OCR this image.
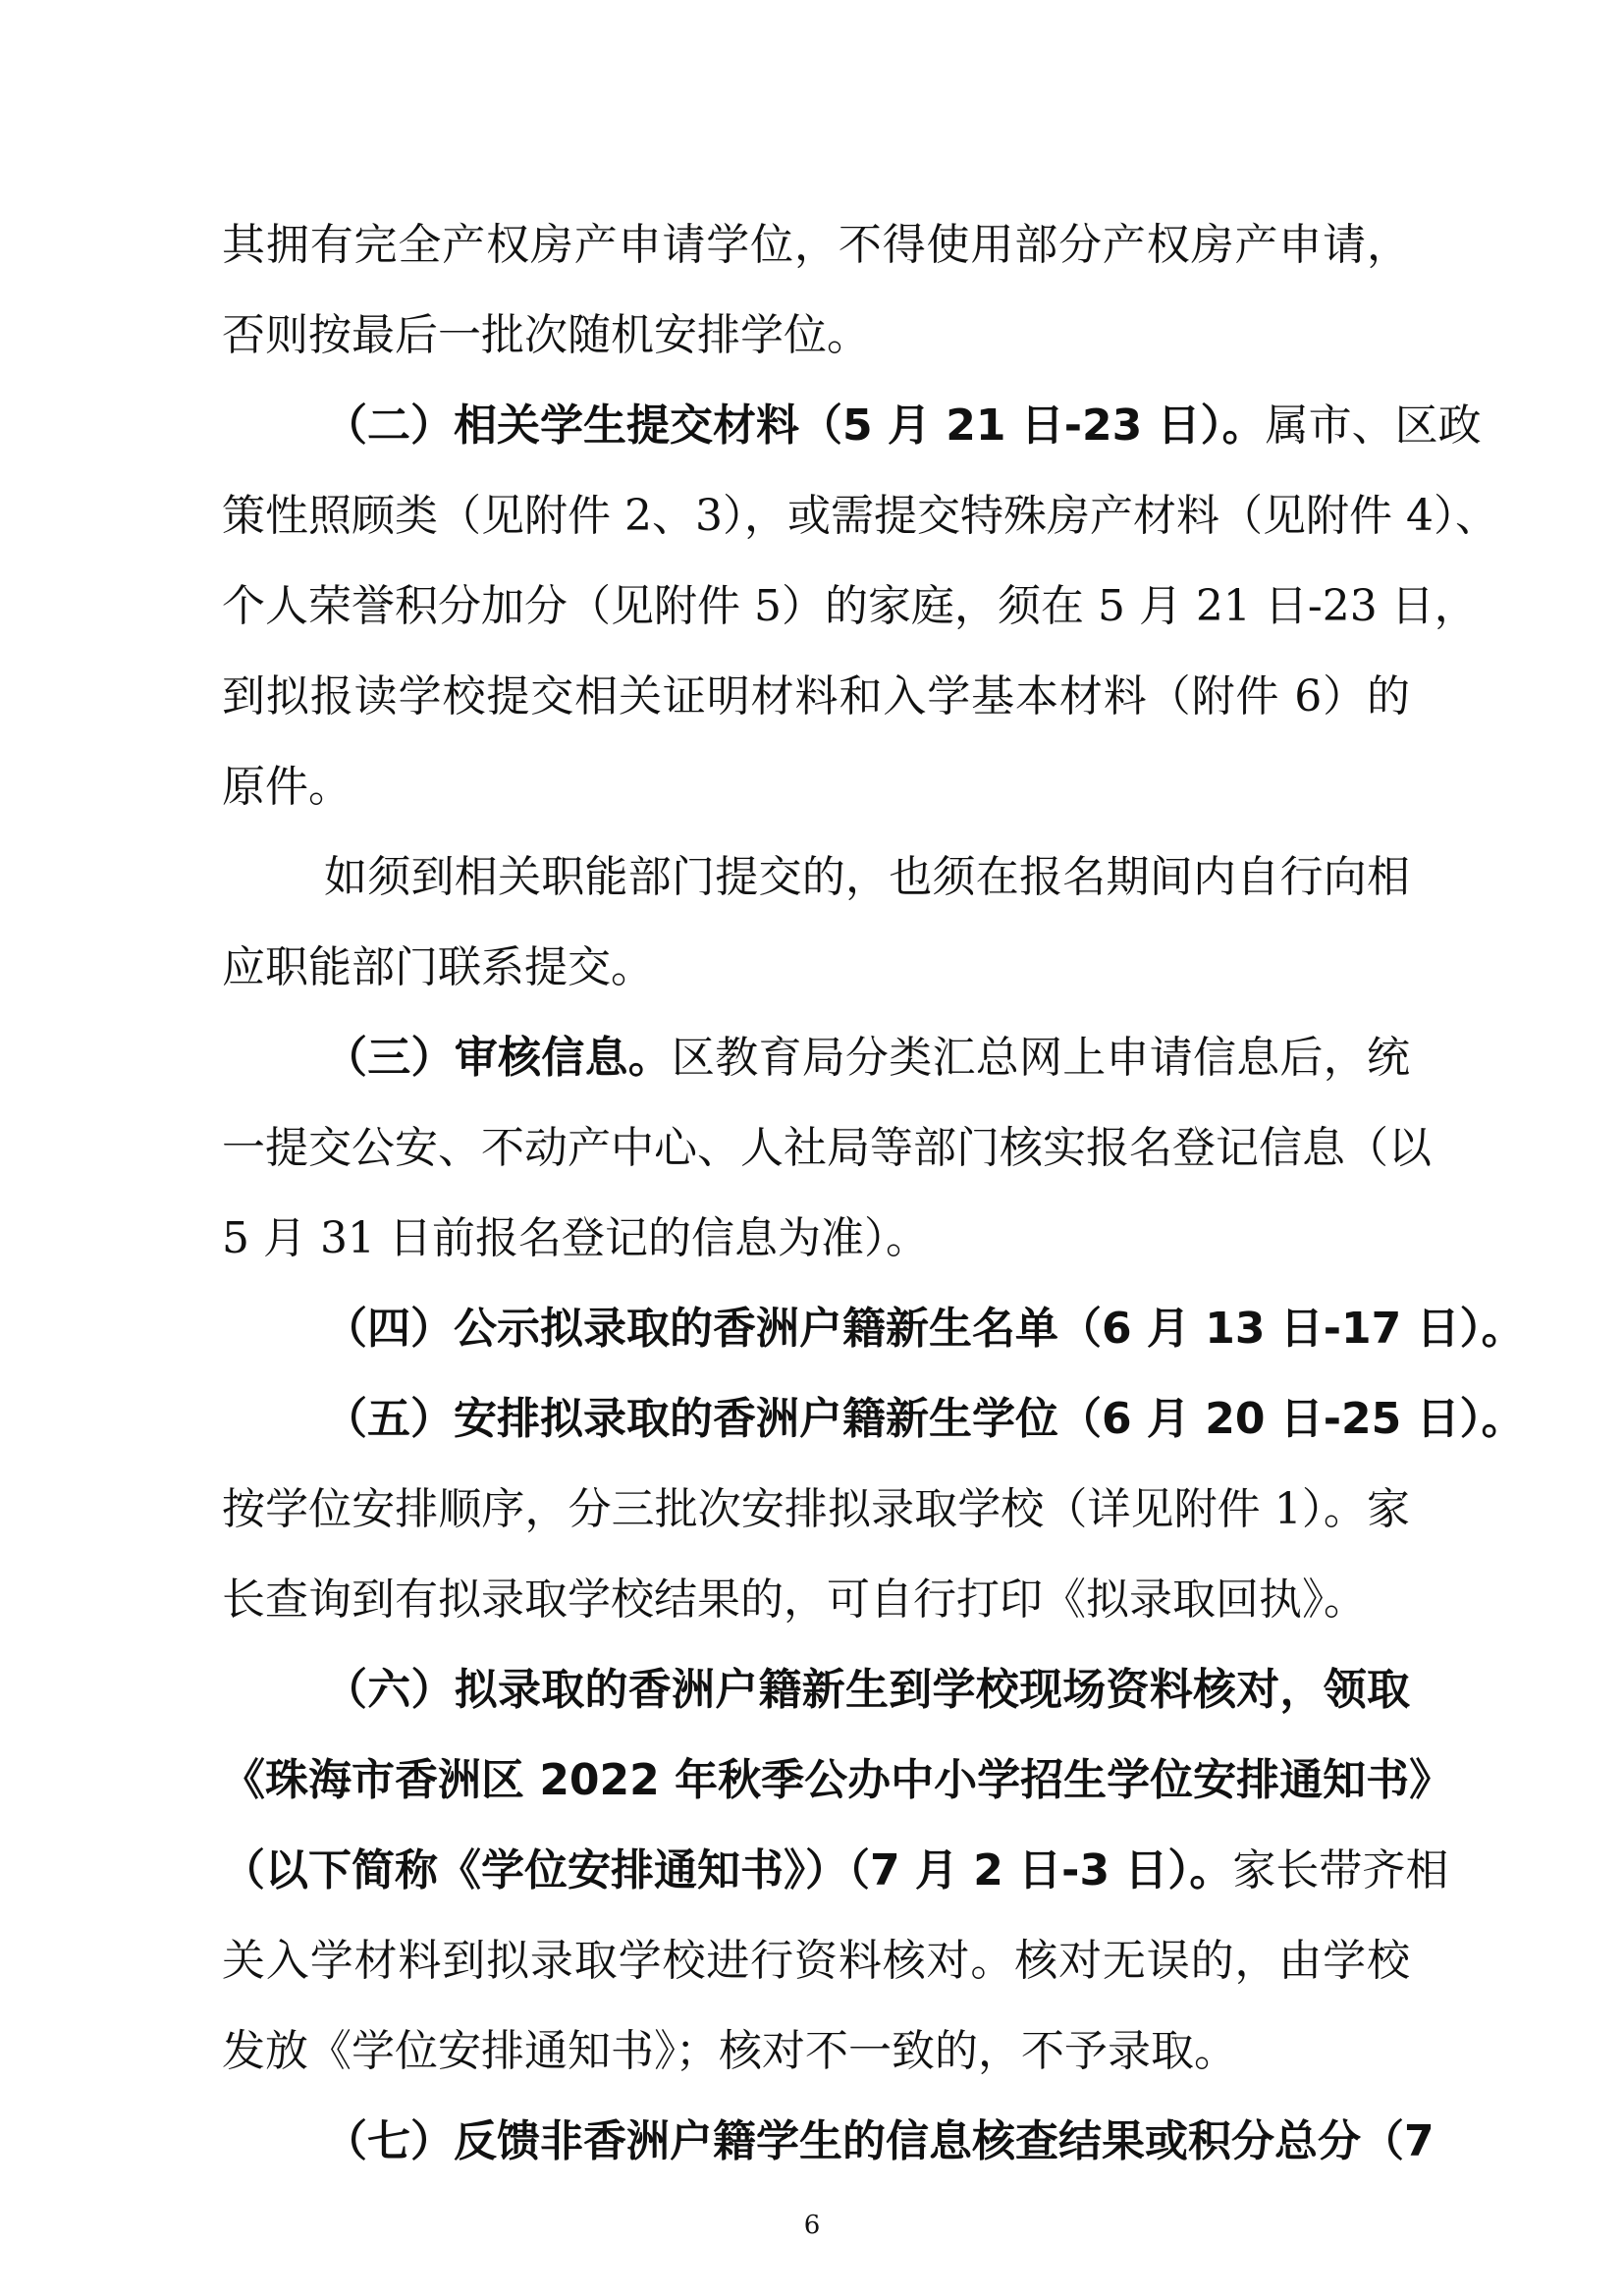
其拥有完全产权房产申请学位，不得使用部分产权房产申请，
否则按最后一批次随机安排学位。
（二）相关学生提交材料（5 月 21 日-23 日）。属市、区政
策性照顾类（见附件 2、3），或需提交特殊房产材料（见附件 4）、
个人荣誉积分加分（见附件 5）的家庭，须在 5 月 21 日-23 日，
到拟报读学校提交相关证明材料和入学基本材料（附件 6）的
原件。
如须到相关职能部门提交的，也须在报名期间内自行向相
应职能部门联系提交。
（三）审核信息。区教育局分类汇总网上申请信息后，统
一提交公安、不动产中心、人社局等部门核实报名登记信息（以
5 月 31 日前报名登记的信息为准）。
（四）公示拟录取的香洲户籍新生名单（6 月 13 日-17 日）。
（五）安排拟录取的香洲户籍新生学位（6 月 20 日-25 日）。
按学位安排顺序，分三批次安排拟录取学校（详见附件 1）。家
长查询到有拟录取学校结果的，可自行打印《拟录取回执》。
（六）拟录取的香洲户籍新生到学校现场资料核对，领取
《珠海市香洲区 2022 年秋季公办中小学招生学位安排通知书》
（以下简称《学位安排通知书》）（7 月 2 日-3 日）。家长带齐相
关入学材料到拟录取学校进行资料核对。核对无误的，由学校
发放《学位安排通知书》；核对不一致的，不予录取。
（七）反馈非香洲户籍学生的信息核查结果或积分总分（7
6
